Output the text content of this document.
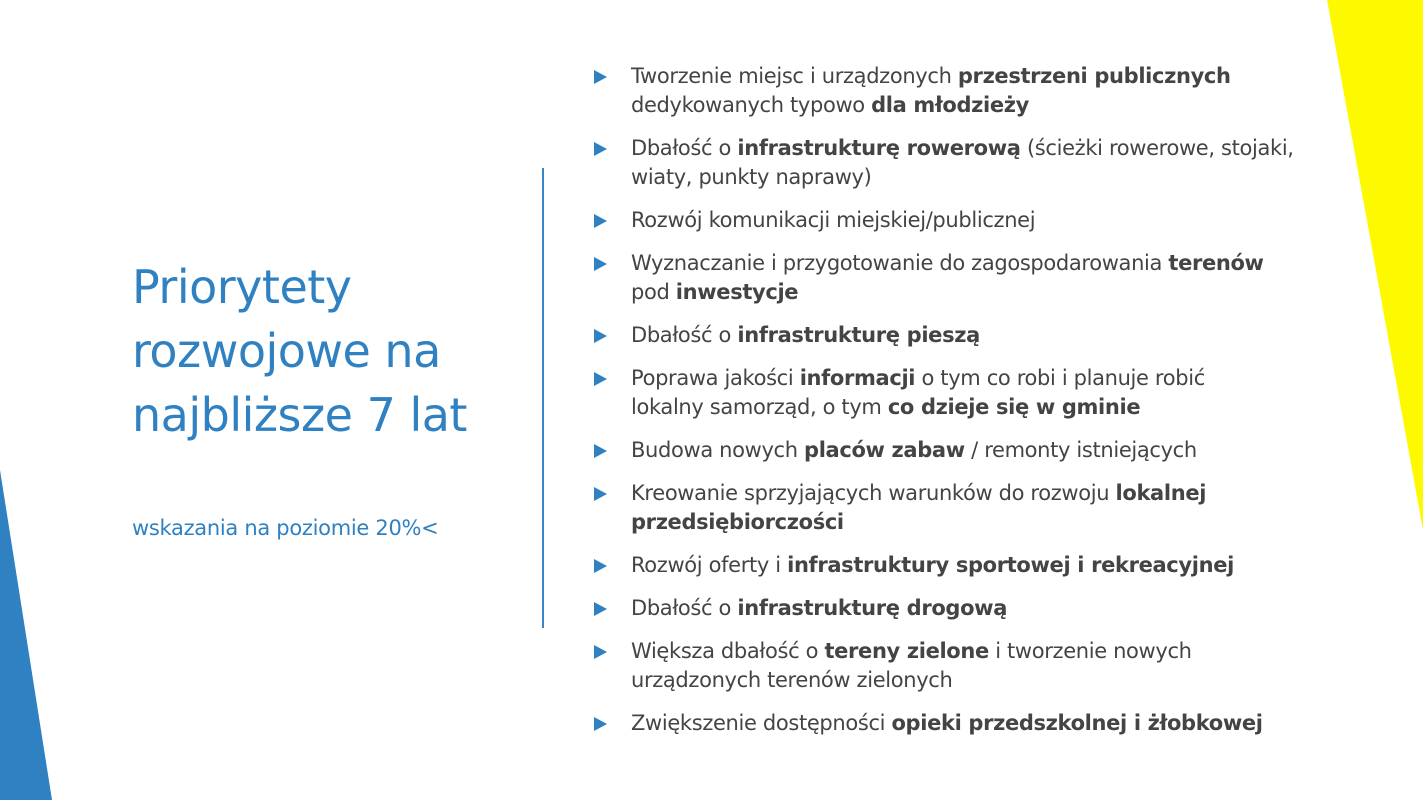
Priorytety
rozwojowe na
najbliższe 7 lat

wskazania na poziomie 20%<

Tworzenie miejsc i urządzonych przestrzeni publicznych
dedykowanych typowo dla młodzieży
Dbałość o infrastrukturę rowerową (ścieżki rowerowe, stojaki,
wiaty, punkty naprawy)
Rozwój komunikacji miejskiej/publicznej
Wyznaczanie i przygotowanie do zagospodarowania terenów
pod inwestycje
Dbałość o infrastrukturę pieszą
Poprawa jakości informacji o tym co robi i planuje robić
lokalny samorząd, o tym co dzieje się w gminie
Budowa nowych placów zabaw / remonty istniejących
Kreowanie sprzyjających warunków do rozwoju lokalnej
przedsiębiorczości
Rozwój oferty i infrastruktury sportowej i rekreacyjnej
Dbałość o infrastrukturę drogową
Większa dbałość o tereny zielone i tworzenie nowych
urządzonych terenów zielonych
Zwiększenie dostępności opieki przedszkolnej i żłobkowej
